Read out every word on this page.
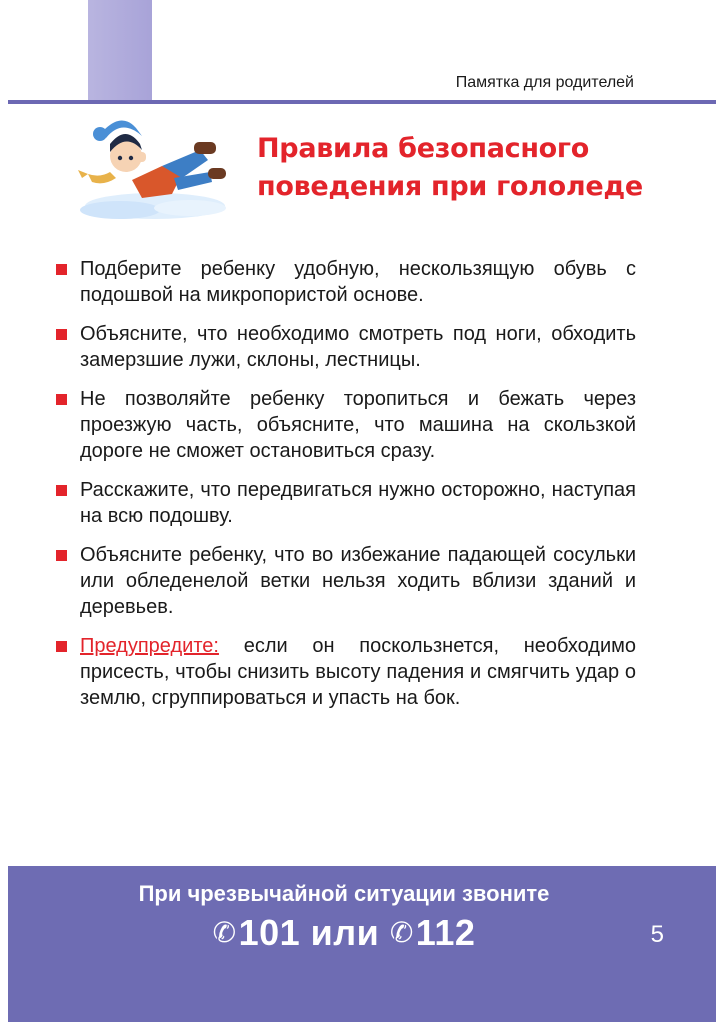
Памятка для родителей
Правила безопасного
поведения при гололеде
Подберите ребенку удобную, нескользящую обувь с подошвой на микропористой основе.
Объясните, что необходимо смотреть под ноги, обходить замерзшие лужи, склоны, лестницы.
Не позволяйте ребенку торопиться и бежать через проезжую часть, объясните, что машина на скользкой дороге не сможет остановиться сразу.
Расскажите, что передвигаться нужно осторожно, наступая на всю подошву.
Объясните ребенку, что во избежание падающей сосульки или обледенелой ветки нельзя ходить вблизи зданий и деревьев.
Предупредите: если он поскользнется, необходимо присесть, чтобы снизить высоту падения и смягчить удар о землю, сгруппироваться и упасть на бок.
При чрезвычайной ситуации звоните
✆101 или ✆112	5
